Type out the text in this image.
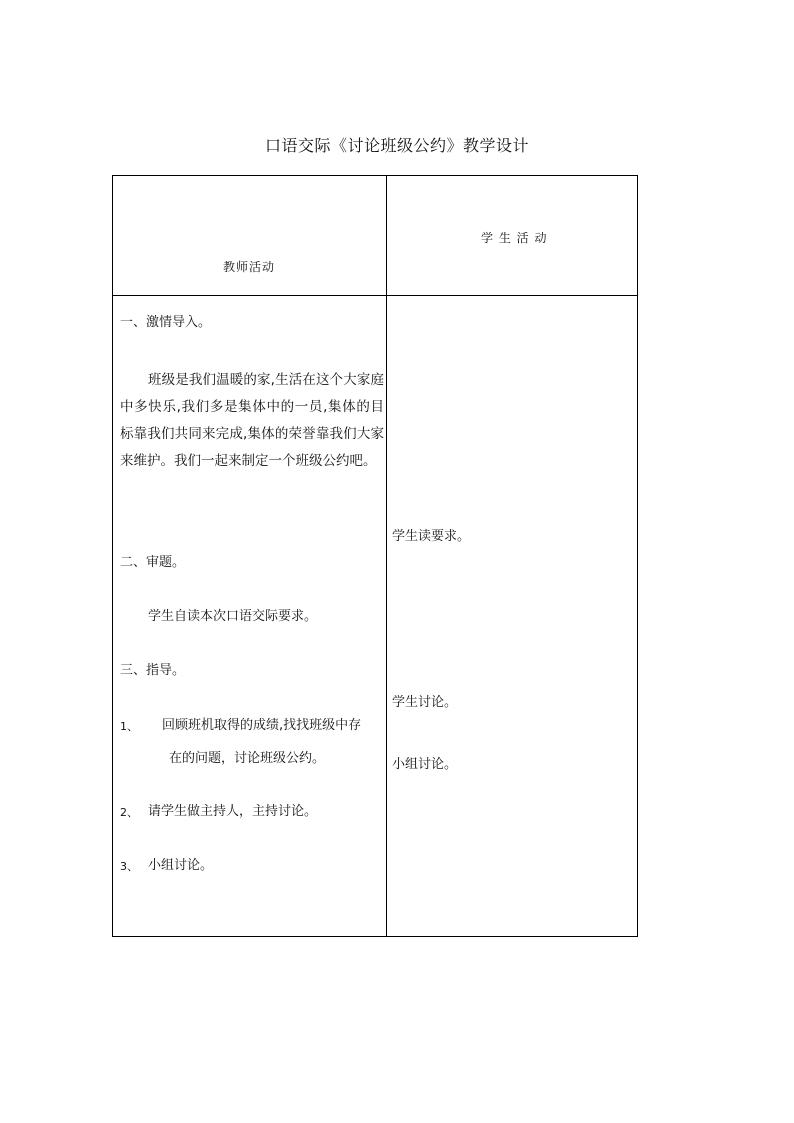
口语交际《讨论班级公约》教学设计
教师活动
学 生 活 动
一、激情导入。
班级是我们温暖的家,生活在这个大家庭中多快乐,我们多是集体中的一员,集体的目标靠我们共同来完成,集体的荣誉靠我们大家来维护。我们一起来制定一个班级公约吧。
二、审题。
学生自读本次口语交际要求。
三、指导。
1、 回顾班机取得的成绩,找找班级中存
在的问题，讨论班级公约。
2、 请学生做主持人，主持讨论。
3、 小组讨论。
学生读要求。
学生讨论。
小组讨论。
